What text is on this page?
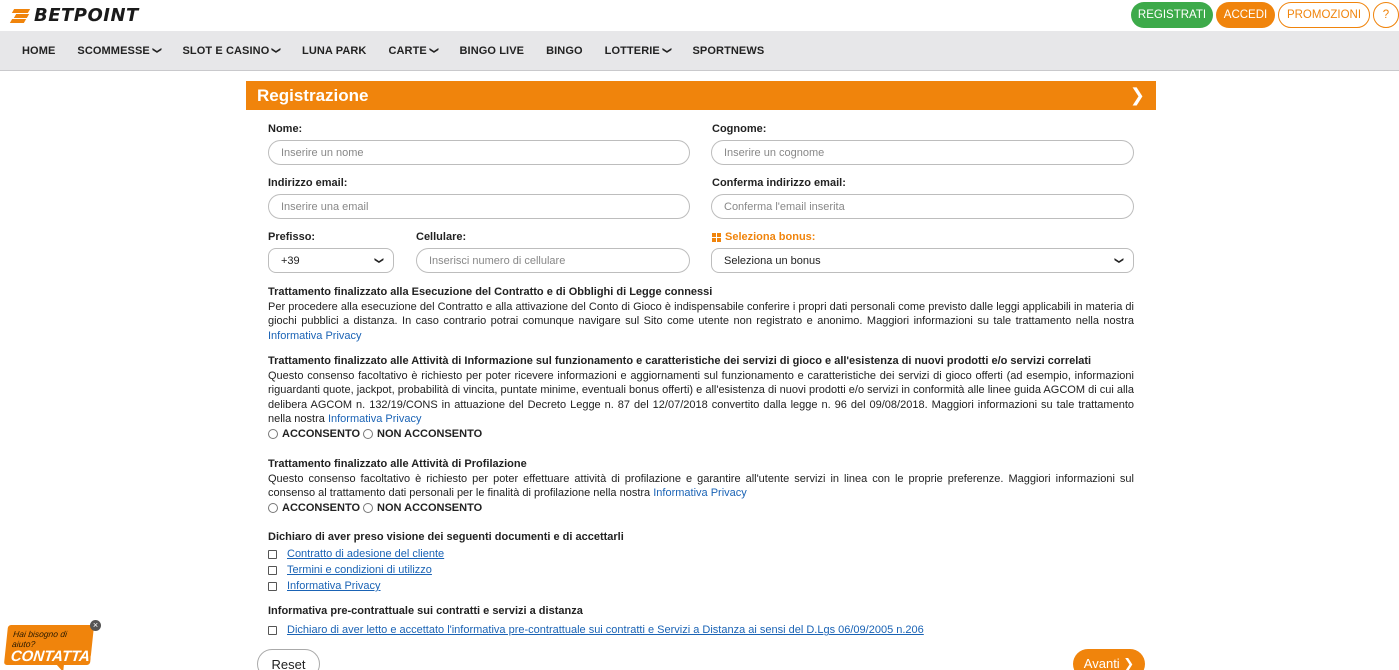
BETPOINT	REGISTRATI	ACCEDI	PROMOZIONI	?
HOME SCOMMESSE ❯ SLOT E CASINO ❯ LUNA PARK CARTE ❯ BINGO LIVE BINGO LOTTERIE ❯ SPORTNEWS
Registrazione	❯
Nome:
Inserire un nome
Cognome:
Inserire un cognome
Indirizzo email:
Inserire una email
Conferma indirizzo email:
Conferma l'email inserita
Prefisso:
+39	❯
Cellulare:
Inserisci numero di cellulare
Seleziona bonus:
Seleziona un bonus	❯
Trattamento finalizzato alla Esecuzione del Contratto e di Obblighi di Legge connessi

Per procedere alla esecuzione del Contratto e alla attivazione del Conto di Gioco è indispensabile conferire i propri dati personali come previsto dalle leggi applicabili in materia di giochi pubblici a distanza. In caso contrario potrai comunque navigare sul Sito come utente non registrato e anonimo. Maggiori informazioni su tale trattamento nella nostra Informativa Privacy

Trattamento finalizzato alle Attività di Informazione sul funzionamento e caratteristiche dei servizi di gioco e all'esistenza di nuovi prodotti e/o servizi correlati

Questo consenso facoltativo è richiesto per poter ricevere informazioni e aggiornamenti sul funzionamento e caratteristiche dei servizi di gioco offerti (ad esempio, informazioni riguardanti quote, jackpot, probabilità di vincita, puntate minime, eventuali bonus offerti) e all'esistenza di nuovi prodotti e/o servizi in conformità alle linee guida AGCOM di cui alla delibera AGCOM n. 132/19/CONS in attuazione del Decreto Legge n. 87 del 12/07/2018 convertito dalla legge n. 96 del 09/08/2018. Maggiori informazioni su tale trattamento nella nostra Informativa Privacy

ACCONSENTO NON ACCONSENTO
Trattamento finalizzato alle Attività di Profilazione

Questo consenso facoltativo è richiesto per poter effettuare attività di profilazione e garantire all'utente servizi in linea con le proprie preferenze. Maggiori informazioni sul consenso al trattamento dati personali per le finalità di profilazione nella nostra Informativa Privacy

ACCONSENTO NON ACCONSENTO
Dichiaro di aver preso visione dei seguenti documenti e di accettarli
Contratto di adesione del cliente
Termini e condizioni di utilizzo
Informativa Privacy
Informativa pre-contrattuale sui contratti e servizi a distanza
Dichiaro di aver letto e accettato l'informativa pre-contrattuale sui contratti e Servizi a Distanza ai sensi del D.Lgs 06/09/2005 n.206
Reset	Avanti ❯
Hai bisogno di aiuto?
CONTATTACI!
×
